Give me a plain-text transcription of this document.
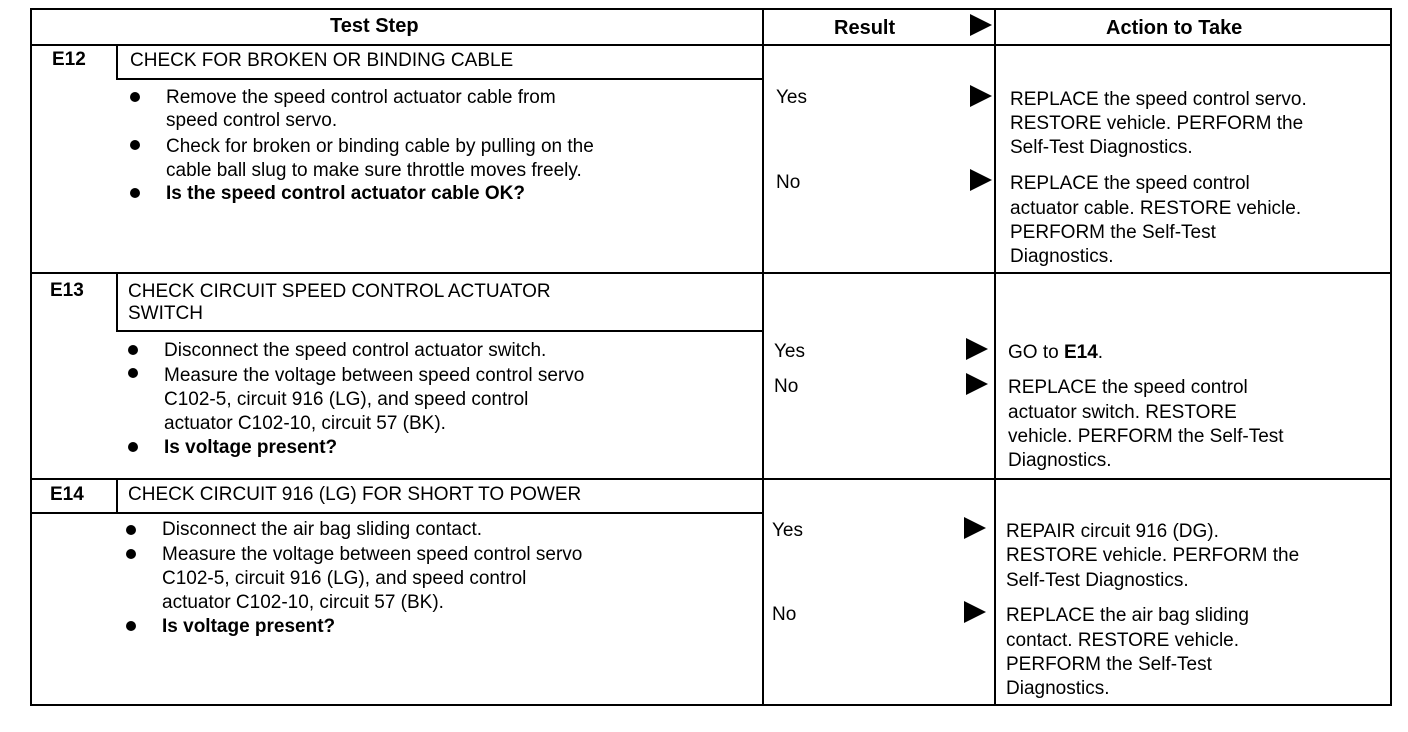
Test Step	Result	Action to Take
E12 CHECK FOR BROKEN OR BINDING CABLE
Remove the speed control actuator cable from
speed control servo.
Check for broken or binding cable by pulling on the
cable ball slug to make sure throttle moves freely.
Is the speed control actuator cable OK?
Yes	REPLACE the speed control servo.
RESTORE vehicle. PERFORM the
Self-Test Diagnostics.
No	REPLACE the speed control
actuator cable. RESTORE vehicle.
PERFORM the Self-Test
Diagnostics.
E13 CHECK CIRCUIT SPEED CONTROL ACTUATOR
SWITCH
Disconnect the speed control actuator switch.
Measure the voltage between speed control servo
C102-5, circuit 916 (LG), and speed control
actuator C102-10, circuit 57 (BK).
Is voltage present?
Yes	GO to E14.
No	REPLACE the speed control
actuator switch. RESTORE
vehicle. PERFORM the Self-Test
Diagnostics.
E14 CHECK CIRCUIT 916 (LG) FOR SHORT TO POWER
Disconnect the air bag sliding contact.
Measure the voltage between speed control servo
C102-5, circuit 916 (LG), and speed control
actuator C102-10, circuit 57 (BK).
Is voltage present?
Yes	REPAIR circuit 916 (DG).
RESTORE vehicle. PERFORM the
Self-Test Diagnostics.
No	REPLACE the air bag sliding
contact. RESTORE vehicle.
PERFORM the Self-Test
Diagnostics.
